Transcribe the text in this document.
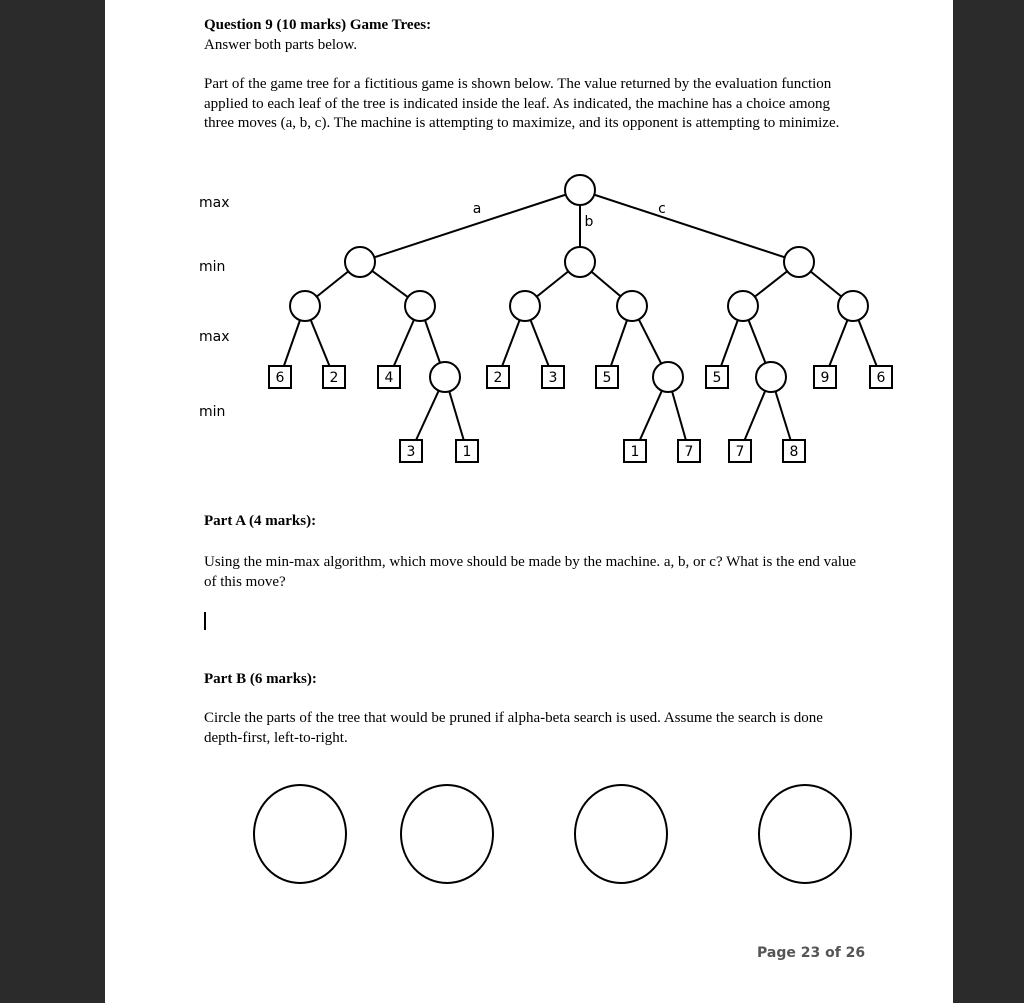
Question 9 (10 marks) Game Trees:
Answer both parts below.
Part of the game tree for a fictitious game is shown below. The value returned by the evaluation function applied to each leaf of the tree is indicated inside the leaf. As indicated, the machine has a choice among three moves (a, b, c). The machine is attempting to maximize, and its opponent is attempting to minimize.
max
min
max
min
6	2	4	2	3	5	5	9	6
3	1	1	7	7	8
a
b
c
Part A (4 marks):
Using the min-max algorithm, which move should be made by the machine. a, b, or c? What is the end value of this move?
Part B (6 marks):
Circle the parts of the tree that would be pruned if alpha-beta search is used. Assume the search is done depth-first, left-to-right.
Page 23 of 26
